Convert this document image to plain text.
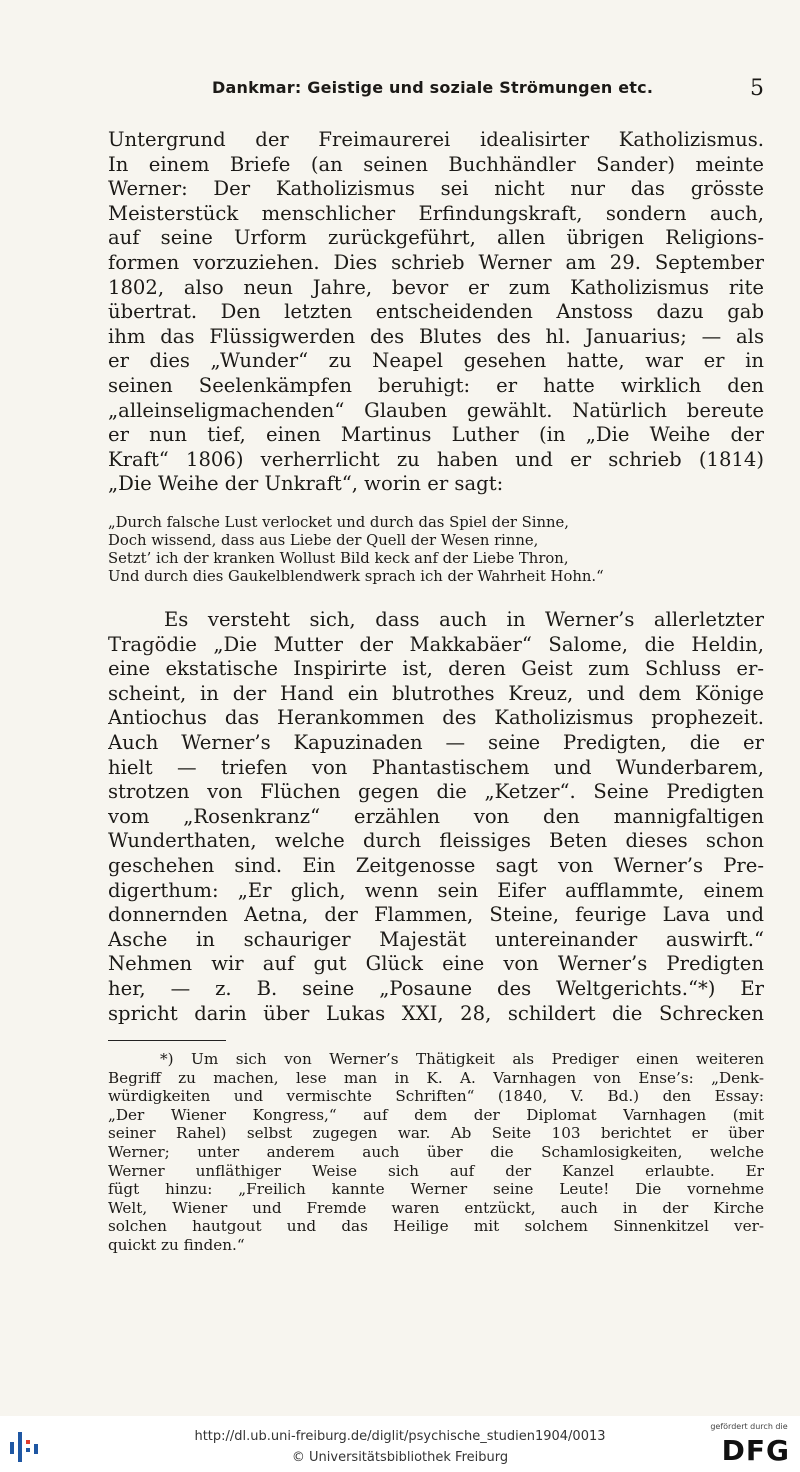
Dankmar: Geistige und soziale Strömungen etc.	5
Untergrund der Freimaurerei idealisirter Katholizismus.
In einem Briefe (an seinen Buchhändler Sander) meinte
Werner: Der Katholizismus sei nicht nur das grösste
Meisterstück menschlicher Erfindungskraft, sondern auch,
auf seine Urform zurückgeführt, allen übrigen Religions-
formen vorzuziehen. Dies schrieb Werner am 29. September
1802, also neun Jahre, bevor er zum Katholizismus rite
übertrat. Den letzten entscheidenden Anstoss dazu gab
ihm das Flüssigwerden des Blutes des hl. Januarius; — als
er dies „Wunder“ zu Neapel gesehen hatte, war er in
seinen Seelenkämpfen beruhigt: er hatte wirklich den
„alleinseligmachenden“ Glauben gewählt. Natürlich bereute
er nun tief, einen Martinus Luther (in „Die Weihe der
Kraft“ 1806) verherrlicht zu haben und er schrieb (1814)
„Die Weihe der Unkraft“, worin er sagt:
„Durch falsche Lust verlocket und durch das Spiel der Sinne,
Doch wissend, dass aus Liebe der Quell der Wesen rinne,
Setzt’ ich der kranken Wollust Bild keck anf der Liebe Thron,
Und durch dies Gaukelblendwerk sprach ich der Wahrheit Hohn.“
Es versteht sich, dass auch in Werner’s allerletzter
Tragödie „Die Mutter der Makkabäer“ Salome, die Heldin,
eine ekstatische Inspirirte ist, deren Geist zum Schluss er-
scheint, in der Hand ein blutrothes Kreuz, und dem Könige
Antiochus das Herankommen des Katholizismus prophezeit.
Auch Werner’s Kapuzinaden — seine Predigten, die er
hielt — triefen von Phantastischem und Wunderbarem,
strotzen von Flüchen gegen die „Ketzer“. Seine Predigten
vom „Rosenkranz“ erzählen von den mannigfaltigen
Wunderthaten, welche durch fleissiges Beten dieses schon
geschehen sind. Ein Zeitgenosse sagt von Werner’s Pre-
digerthum: „Er glich, wenn sein Eifer aufflammte, einem
donnernden Aetna, der Flammen, Steine, feurige Lava und
Asche in schauriger Majestät untereinander auswirft.“
Nehmen wir auf gut Glück eine von Werner’s Predigten
her, — z. B. seine „Posaune des Weltgerichts.“*) Er
spricht darin über Lukas XXI, 28, schildert die Schrecken
*) Um sich von Werner’s Thätigkeit als Prediger einen weiteren
Begriff zu machen, lese man in K. A. Varnhagen von Ense’s: „Denk-
würdigkeiten und vermischte Schriften“ (1840, V. Bd.) den Essay:
„Der Wiener Kongress,“ auf dem der Diplomat Varnhagen (mit
seiner Rahel) selbst zugegen war. Ab Seite 103 berichtet er über
Werner; unter anderem auch über die Schamlosigkeiten, welche
Werner unfläthiger Weise sich auf der Kanzel erlaubte. Er
fügt hinzu: „Freilich kannte Werner seine Leute! Die vornehme
Welt, Wiener und Fremde waren entzückt, auch in der Kirche
solchen hautgout und das Heilige mit solchem Sinnenkitzel ver-
quickt zu finden.“
http://dl.ub.uni-freiburg.de/diglit/psychische_studien1904/0013
© Universitätsbibliothek Freiburg
gefördert durch die
DFG
